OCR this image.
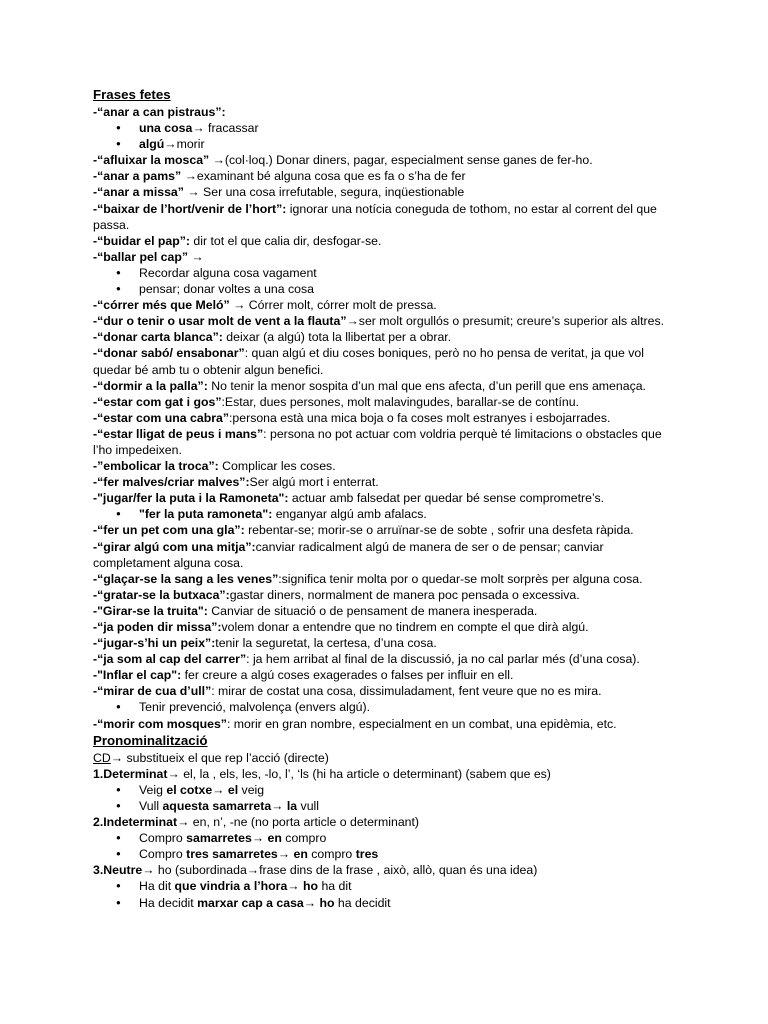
Frases fetes
-“anar a can pistraus”:
● una cosa→ fracassar
● algú→morir
-“afluixar la mosca” →(col·loq.) Donar diners, pagar, especialment sense ganes de fer-ho.
-“anar a pams” →examinant bé alguna cosa que es fa o s’ha de fer
-“anar a missa” → Ser una cosa irrefutable, segura, inqüestionable
-“baixar de l’hort/venir de l’hort”: ignorar una notícia coneguda de tothom, no estar al corrent del que passa.
-“buidar el pap”: dir tot el que calia dir, desfogar-se.
-“ballar pel cap” →
● Recordar alguna cosa vagament
● pensar; donar voltes a una cosa
-“córrer més que Meló” → Córrer molt, córrer molt de pressa.
-“dur o tenir o usar molt de vent a la flauta”→ser molt orgullós o presumit; creure’s superior als altres.
-“donar carta blanca”: deixar (a algú) tota la llibertat per a obrar.
-“donar sabó/ ensabonar”: quan algú et diu coses boniques, però no ho pensa de veritat, ja que vol quedar bé amb tu o obtenir algun benefici.
-“dormir a la palla”: No tenir la menor sospita d’un mal que ens afecta, d’un perill que ens amenaça.
-“estar com gat i gos”:Estar, dues persones, molt malavingudes, barallar-se de contínu.
-“estar com una cabra”:persona està una mica boja o fa coses molt estranyes i esbojarrades.
-“estar lligat de peus i mans”: persona no pot actuar com voldria perquè té limitacions o obstacles que l’ho impedeixen.
-”embolicar la troca”: Complicar les coses.
-“fer malves/criar malves”:Ser algú mort i enterrat.
-"jugar/fer la puta i la Ramoneta": actuar amb falsedat per quedar bé sense comprometre’s.
● "fer la puta ramoneta": enganyar algú amb afalacs.
-“fer un pet com una gla”: rebentar-se; morir-se o arruïnar-se de sobte , sofrir una desfeta ràpida.
-“girar algú com una mitja”:canviar radicalment algú de manera de ser o de pensar; canviar completament alguna cosa.
-“glaçar-se la sang a les venes”:significa tenir molta por o quedar-se molt sorprès per alguna cosa.
-“gratar-se la butxaca”:gastar diners, normalment de manera poc pensada o excessiva.
-"Girar-se la truita": Canviar de situació o de pensament de manera inesperada.
-“ja poden dir missa”:volem donar a entendre que no tindrem en compte el que dirà algú.
-“jugar-s’hi un peix”:tenir la seguretat, la certesa, d’una cosa.
-“ja som al cap del carrer”: ja hem arribat al final de la discussió, ja no cal parlar més (d’una cosa).
-"Inflar el cap": fer creure a algú coses exagerades o falses per influir en ell.
-“mirar de cua d’ull”: mirar de costat una cosa, dissimuladament, fent veure que no es mira.
● Tenir prevenció, malvolença (envers algú).
-“morir com mosques”: morir en gran nombre, especialment en un combat, una epidèmia, etc.
Pronominalització
CD→ substitueix el que rep l’acció (directe)
1.Determinat→ el, la , els, les, -lo, l’, ‘ls (hi ha article o determinant) (sabem que es)
● Veig el cotxe→ el veig
● Vull aquesta samarreta→ la vull
2.Indeterminat→ en, n’, -ne (no porta article o determinant)
● Compro samarretes→ en compro
● Compro tres samarretes→ en compro tres
3.Neutre→ ho (subordinada→frase dins de la frase , això, allò, quan és una idea)
● Ha dit que vindria a l’hora→ ho ha dit
● Ha decidit marxar cap a casa→ ho ha decidit
